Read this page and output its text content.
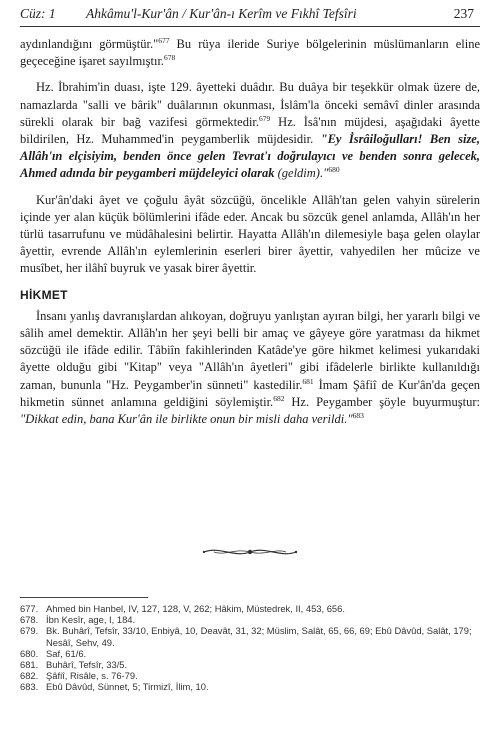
Cüz: 1 Ahkâmu'l-Kur'ân / Kur'ân-ı Kerîm ve Fıkhî Tefsîri	237

aydınlandığını görmüştür."$^{677}$ Bu rüya ileride Suriye bölgelerinin müslümanların eline geçeceğine işaret sayılmıştır.$^{678}$

Hz. İbrahim'in duası, işte 129. âyetteki duâdır. Bu duâya bir teşekkür olmak üzere de, namazlarda "salli ve bârik" duâlarının okunması, İslâm'la önceki semâvî dinler arasında sürekli olarak bir bağ vazifesi görmektedir.$^{679}$ Hz. İsâ'nın müjdesi, aşağıdaki âyette bildirilen, Hz. Muhammed'in peygamberlik müjdesidir. "Ey İsrâiloğulları! Ben size, Allâh'ın elçisiyim, benden önce gelen Tevrat'ı doğrulayıcı ve benden sonra gelecek, Ahmed adında bir peygamberi müjdeleyici olarak (geldim)."$^{680}$

Kur'ân'daki âyet ve çoğulu âyât sözcüğü, öncelikle Allâh'tan gelen vahyin sürelerin içinde yer alan küçük bölümlerini ifâde eder. Ancak bu sözcük genel anlamda, Allâh'ın her türlü tasarrufunu ve müdâhalesini belirtir. Hayatta Allâh'ın dilemesiyle başa gelen olaylar âyettir, evrende Allâh'ın eylemlerinin eserleri birer âyettir, vahyedilen her mûcize ve musîbet, her ilâhî buyruk ve yasak birer âyettir.

HİKMET

İnsanı yanlış davranışlardan alıkoyan, doğruyu yanlıştan ayıran bilgi, her yararlı bilgi ve sâlih amel demektir. Allâh'ın her şeyi belli bir amaç ve gâyeye göre yaratması da hikmet sözcüğü ile ifâde edilir. Tâbiîn fakihlerinden Katâde'ye göre hikmet kelimesi yukarıdaki âyette olduğu gibi "Kitap" veya "Allâh'ın âyetleri" gibi ifâdelerle birlikte kullanıldığı zaman, bununla "Hz. Peygamber'in sünneti" kastedilir.$^{681}$ İmam Şâfiî de Kur'ân'da geçen hikmetin sünnet anlamına geldiğini söylemiştir.$^{682}$ Hz. Peygamber şöyle buyurmuştur: "Dikkat edin, bana Kur'ân ile birlikte onun bir misli daha verildi."$^{683}$

677. Ahmed bin Hanbel, IV, 127, 128, V, 262; Hâkim, Müstedrek, II, 453, 656.
678. İbn Kesîr, age, I, 184.
679. Bk. Buhârî, Tefsîr, 33/10, Enbiyâ, 10, Deavât, 31, 32; Müslim, Salât, 65, 66, 69; Ebû Dâvûd, Salât, 179; Nesâî, Sehv, 49.
680. Saf, 61/6.
681. Buhârî, Tefsîr, 33/5.
682. Şâfiî, Risâle, s. 76-79.
683. Ebû Dâvûd, Sünnet, 5; Tirmizî, İlim, 10.
